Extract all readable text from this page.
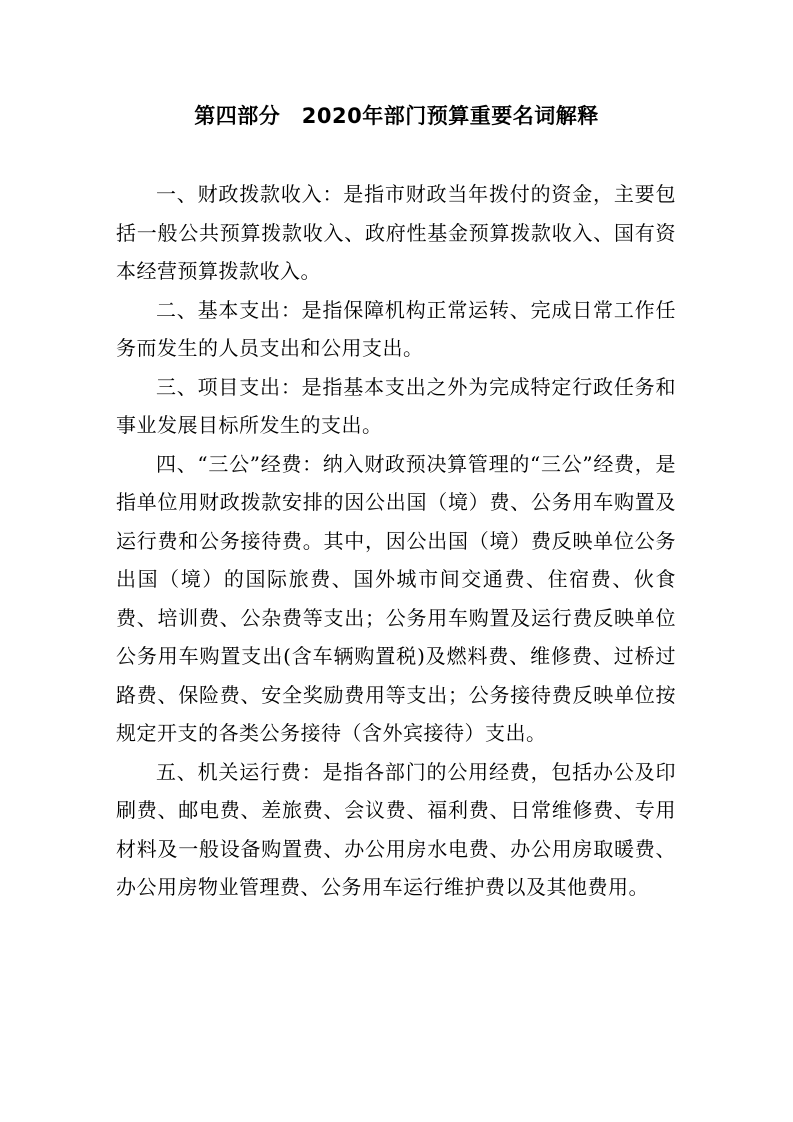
第四部分　2020年部门预算重要名词解释

一、财政拨款收入：是指市财政当年拨付的资金，主要包括一般公共预算拨款收入、政府性基金预算拨款收入、国有资本经营预算拨款收入。

二、基本支出：是指保障机构正常运转、完成日常工作任务而发生的人员支出和公用支出。

三、项目支出：是指基本支出之外为完成特定行政任务和事业发展目标所发生的支出。

四、“三公”经费：纳入财政预决算管理的“三公”经费，是指单位用财政拨款安排的因公出国（境）费、公务用车购置及运行费和公务接待费。其中，因公出国（境）费反映单位公务出国（境）的国际旅费、国外城市间交通费、住宿费、伙食费、培训费、公杂费等支出；公务用车购置及运行费反映单位公务用车购置支出(含车辆购置税)及燃料费、维修费、过桥过路费、保险费、安全奖励费用等支出；公务接待费反映单位按规定开支的各类公务接待（含外宾接待）支出。

五、机关运行费：是指各部门的公用经费，包括办公及印刷费、邮电费、差旅费、会议费、福利费、日常维修费、专用材料及一般设备购置费、办公用房水电费、办公用房取暖费、办公用房物业管理费、公务用车运行维护费以及其他费用。
